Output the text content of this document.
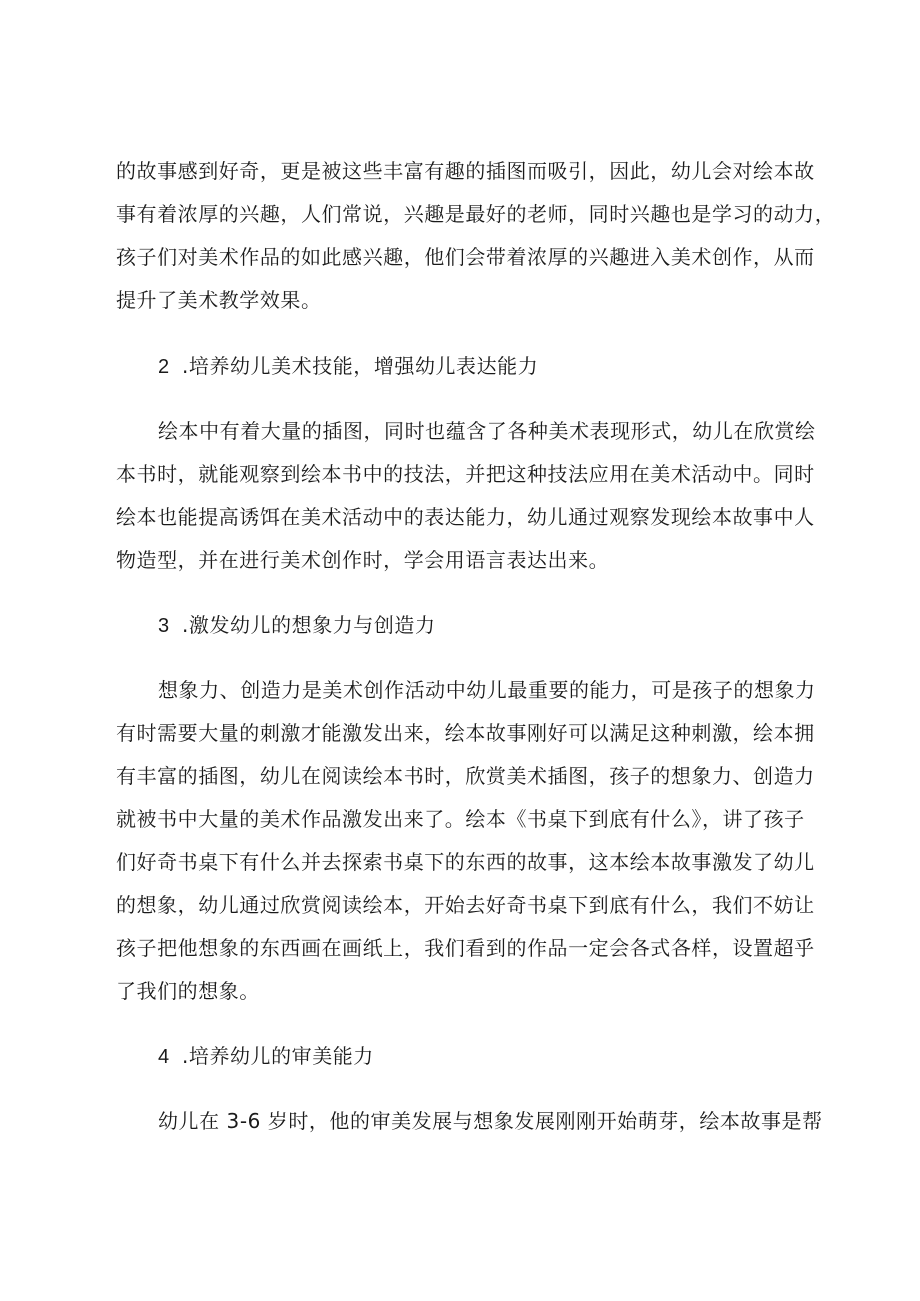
的故事感到好奇，更是被这些丰富有趣的插图而吸引，因此，幼儿会对绘本故
事有着浓厚的兴趣，人们常说，兴趣是最好的老师，同时兴趣也是学习的动力，
孩子们对美术作品的如此感兴趣，他们会带着浓厚的兴趣进入美术创作，从而
提升了美术教学效果。
2 .培养幼儿美术技能，增强幼儿表达能力
绘本中有着大量的插图，同时也蕴含了各种美术表现形式，幼儿在欣赏绘
本书时，就能观察到绘本书中的技法，并把这种技法应用在美术活动中。同时
绘本也能提高诱饵在美术活动中的表达能力，幼儿通过观察发现绘本故事中人
物造型，并在进行美术创作时，学会用语言表达出来。
3 .激发幼儿的想象力与创造力
想象力、创造力是美术创作活动中幼儿最重要的能力，可是孩子的想象力
有时需要大量的刺激才能激发出来，绘本故事刚好可以满足这种刺激，绘本拥
有丰富的插图，幼儿在阅读绘本书时，欣赏美术插图，孩子的想象力、创造力
就被书中大量的美术作品激发出来了。绘本《书桌下到底有什么》，讲了孩子
们好奇书桌下有什么并去探索书桌下的东西的故事，这本绘本故事激发了幼儿
的想象，幼儿通过欣赏阅读绘本，开始去好奇书桌下到底有什么，我们不妨让
孩子把他想象的东西画在画纸上，我们看到的作品一定会各式各样，设置超乎
了我们的想象。
4 .培养幼儿的审美能力
幼儿在 3-6 岁时，他的审美发展与想象发展刚刚开始萌芽，绘本故事是帮
